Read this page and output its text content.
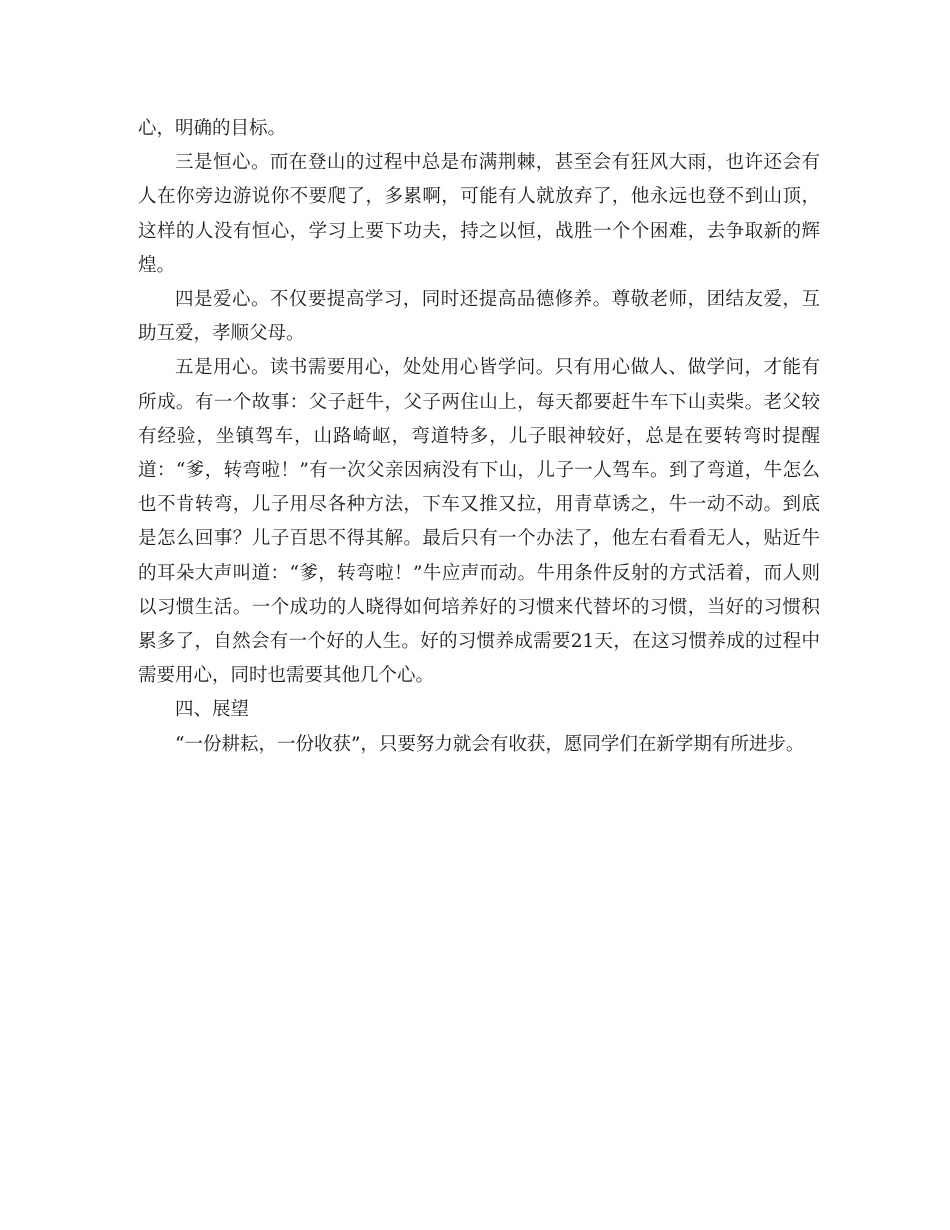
心，明确的目标。

三是恒心。而在登山的过程中总是布满荆棘，甚至会有狂风大雨，也许还会有人在你旁边游说你不要爬了，多累啊，可能有人就放弃了，他永远也登不到山顶，这样的人没有恒心，学习上要下功夫，持之以恒，战胜一个个困难，去争取新的辉煌。

四是爱心。不仅要提高学习，同时还提高品德修养。尊敬老师，团结友爱，互助互爱，孝顺父母。

五是用心。读书需要用心，处处用心皆学问。只有用心做人、做学问，才能有所成。有一个故事：父子赶牛，父子两住山上，每天都要赶牛车下山卖柴。老父较有经验，坐镇驾车，山路崎岖，弯道特多，儿子眼神较好，总是在要转弯时提醒道：“爹，转弯啦！”有一次父亲因病没有下山，儿子一人驾车。到了弯道，牛怎么也不肯转弯，儿子用尽各种方法，下车又推又拉，用青草诱之，牛一动不动。到底是怎么回事？儿子百思不得其解。最后只有一个办法了，他左右看看无人，贴近牛的耳朵大声叫道：“爹，转弯啦！”牛应声而动。牛用条件反射的方式活着，而人则以习惯生活。一个成功的人晓得如何培养好的习惯来代替坏的习惯，当好的习惯积累多了，自然会有一个好的人生。好的习惯养成需要21天，在这习惯养成的过程中需要用心，同时也需要其他几个心。

四、展望

“一份耕耘，一份收获”，只要努力就会有收获，愿同学们在新学期有所进步。
